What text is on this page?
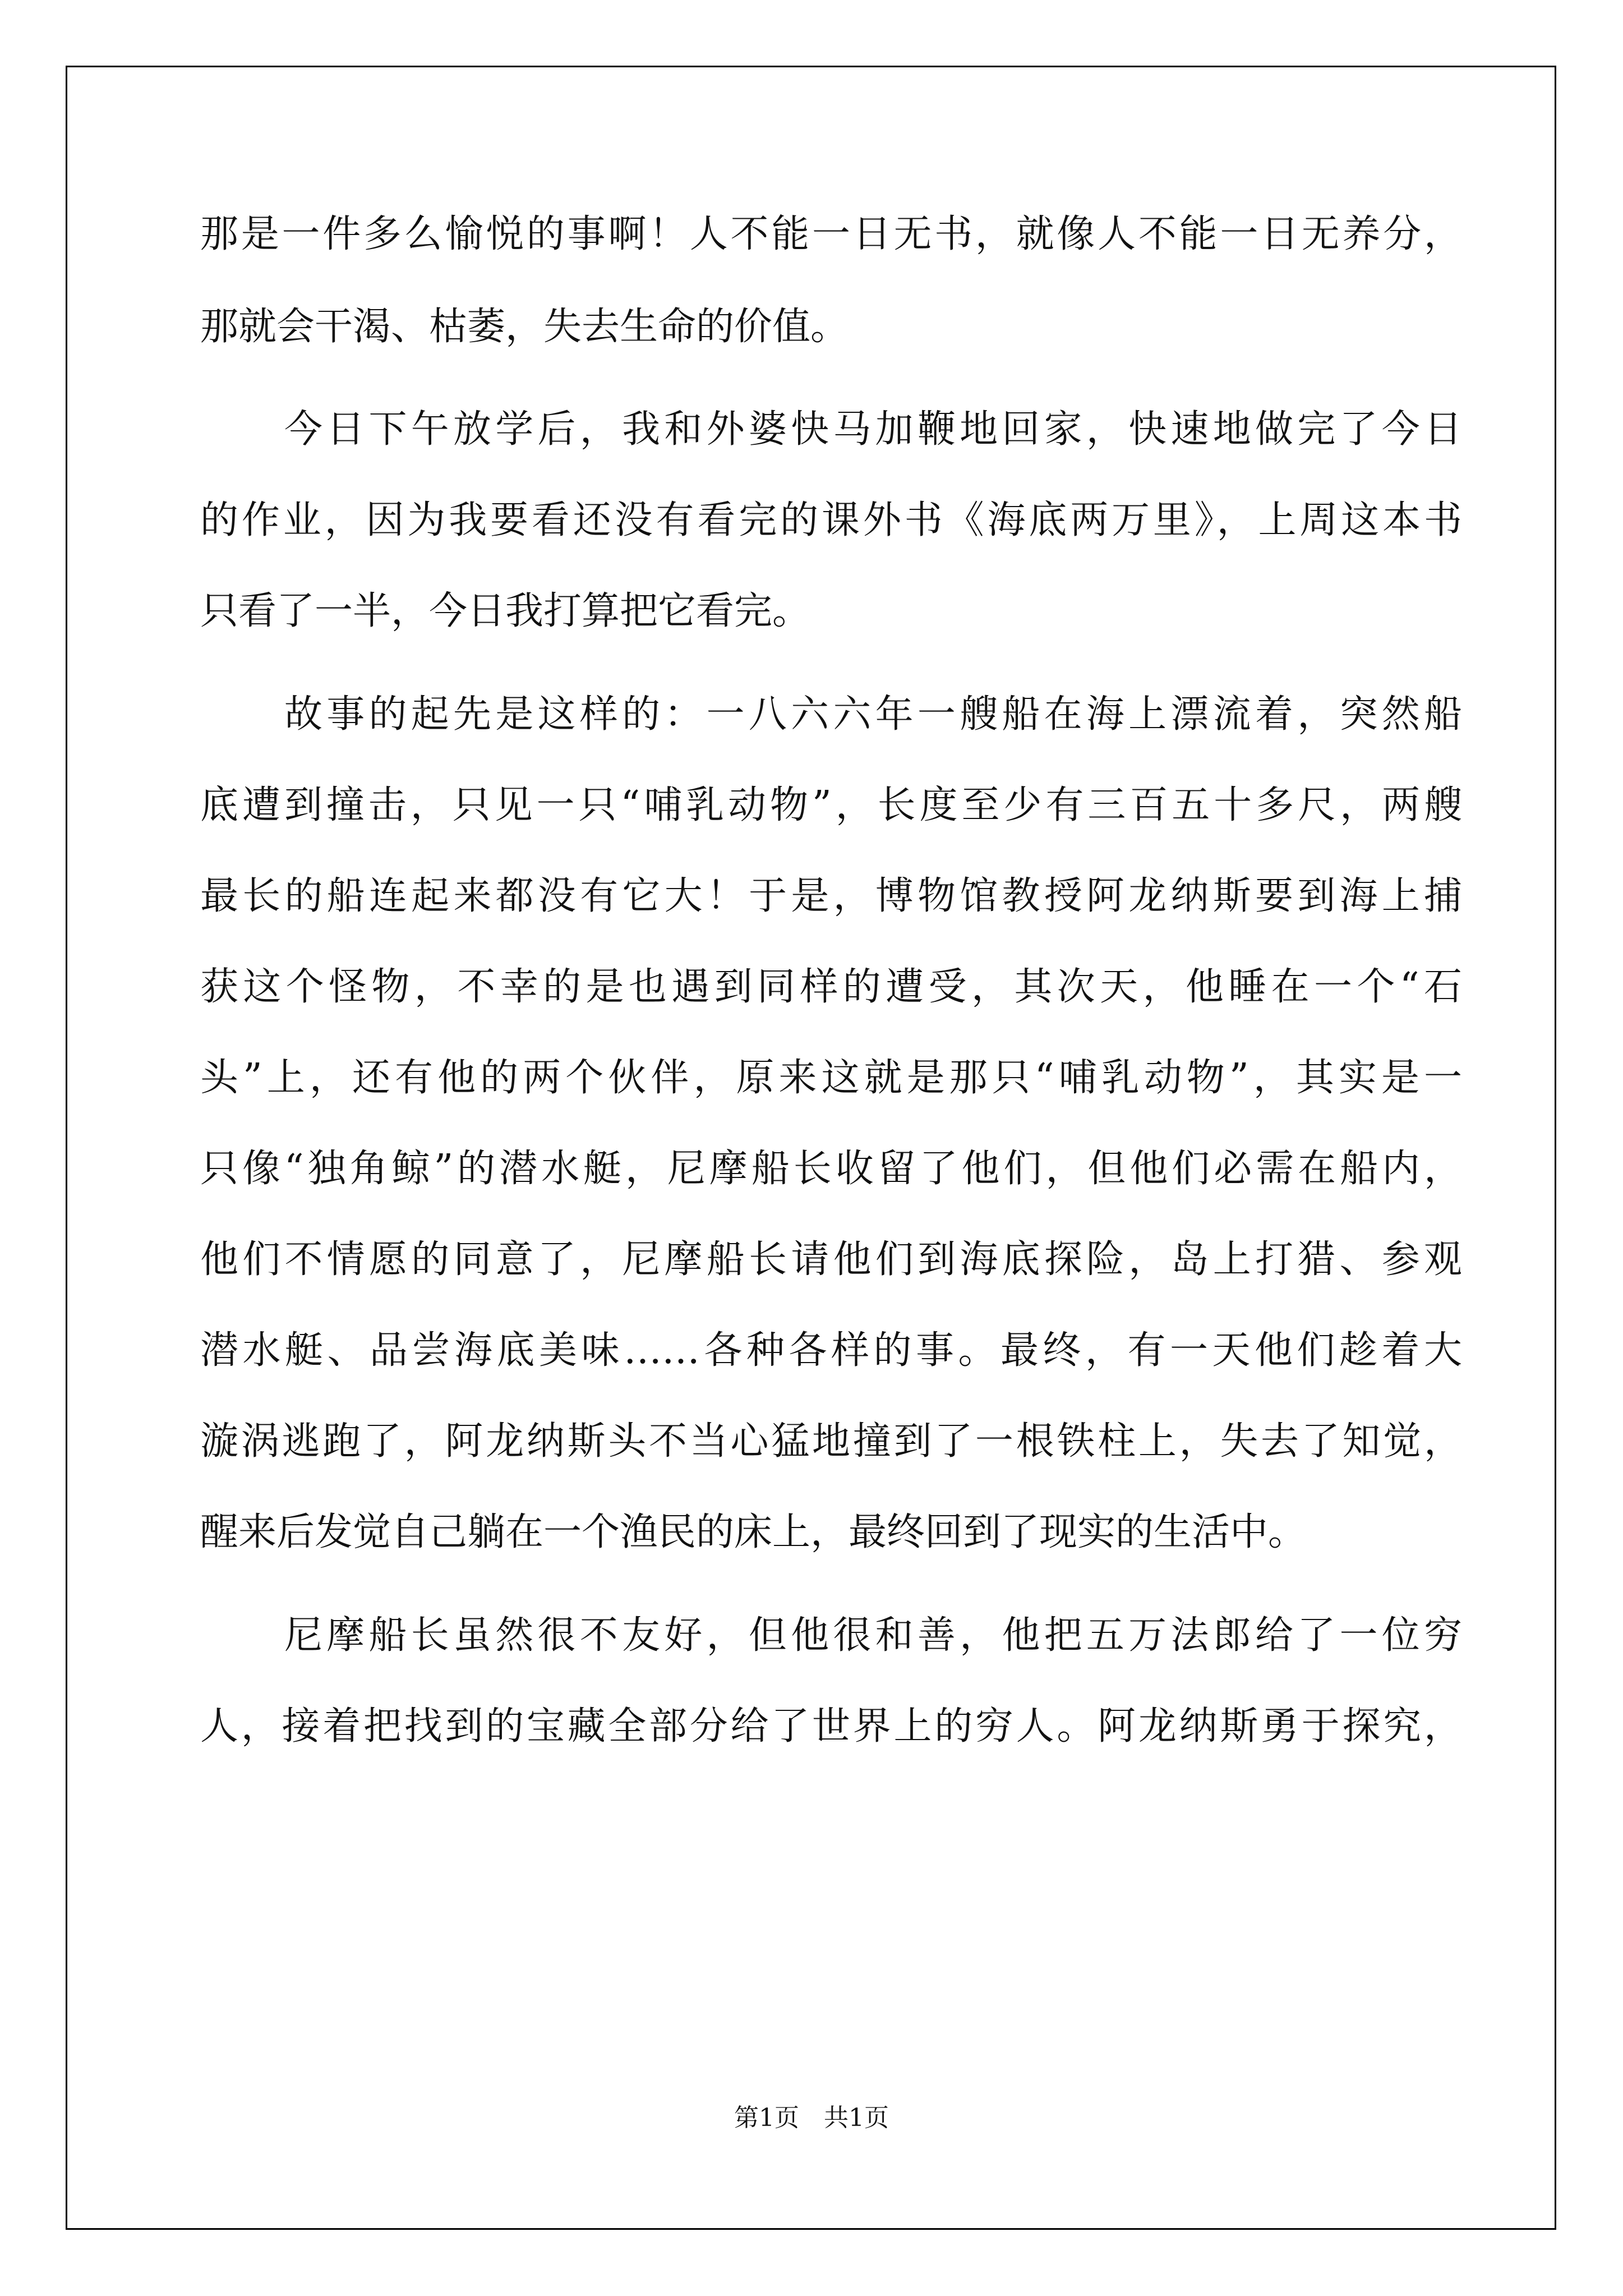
那是一件多么愉悦的事啊！人不能一日无书，就像人不能一日无养分，
那就会干渴、枯萎，失去生命的价值。
今日下午放学后，我和外婆快马加鞭地回家，快速地做完了今日
的作业，因为我要看还没有看完的课外书《海底两万里》，上周这本书
只看了一半，今日我打算把它看完。
故事的起先是这样的：一八六六年一艘船在海上漂流着，突然船
底遭到撞击，只见一只“哺乳动物”，长度至少有三百五十多尺，两艘
最长的船连起来都没有它大！于是，博物馆教授阿龙纳斯要到海上捕
获这个怪物，不幸的是也遇到同样的遭受，其次天，他睡在一个“石
头”上，还有他的两个伙伴，原来这就是那只“哺乳动物”，其实是一
只像“独角鲸”的潜水艇，尼摩船长收留了他们，但他们必需在船内，
他们不情愿的同意了，尼摩船长请他们到海底探险，岛上打猎、参观
潜水艇、品尝海底美味……各种各样的事。最终，有一天他们趁着大
漩涡逃跑了，阿龙纳斯头不当心猛地撞到了一根铁柱上，失去了知觉，
醒来后发觉自己躺在一个渔民的床上，最终回到了现实的生活中。
尼摩船长虽然很不友好，但他很和善，他把五万法郎给了一位穷
人，接着把找到的宝藏全部分给了世界上的穷人。阿龙纳斯勇于探究，
第1页　共1页
